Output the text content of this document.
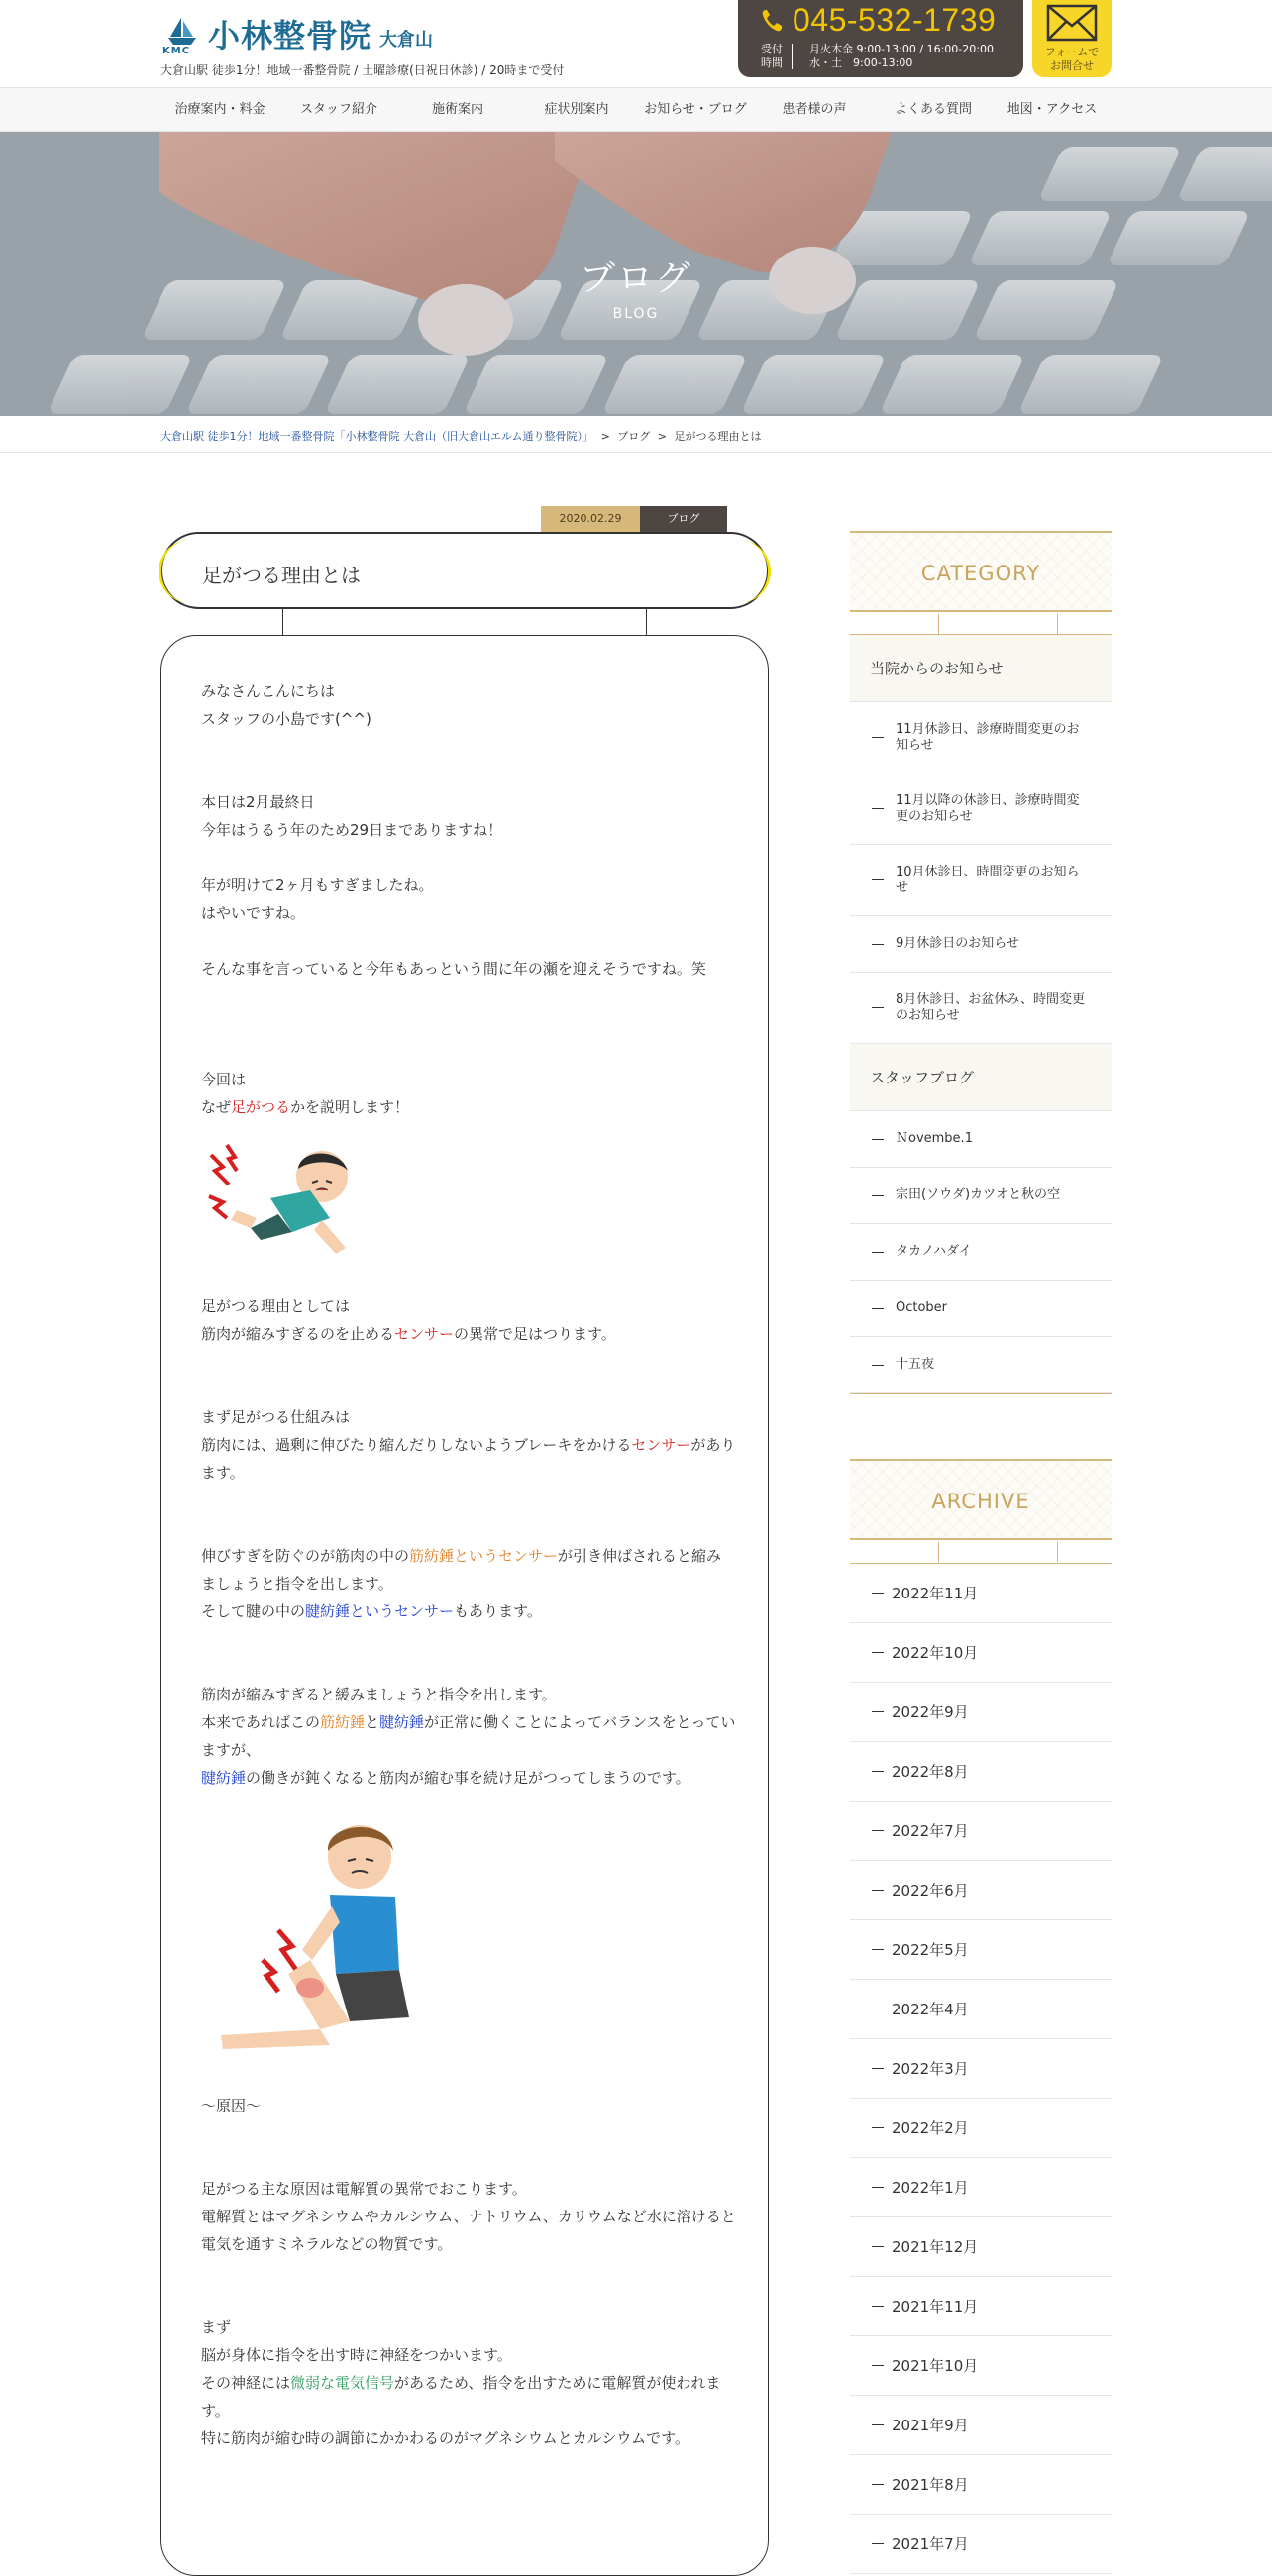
KMC 小林整骨院 大倉山
大倉山駅 徒歩1分！地域一番整骨院 / 土曜診療(日祝日休診) / 20時まで受付
045-532-1739
受付
時間
月火木金 9:00-13:00 / 16:00-20:00
水・土　9:00-13:00
フォームで
お問合せ
治療案内・料金	スタッフ紹介	施術案内	症状別案内	お知らせ・ブログ	患者様の声	よくある質問	地図・アクセス
ブログ
BLOG
大倉山駅 徒歩1分！地域一番整骨院「小林整骨院 大倉山（旧大倉山エルム通り整骨院）」 > ブログ > 足がつる理由とは
2020.02.29	ブログ
足がつる理由とは

みなさんこんにちは

スタッフの小島です(^^)

本日は2月最終日

今年はうるう年のため29日までありますね！

年が明けて2ヶ月もすぎましたね。

はやいですね。

そんな事を言っていると今年もあっという間に年の瀬を迎えそうですね。笑

今回は

なぜ足がつるかを説明します！

足がつる理由としては

筋肉が縮みすぎるのを止めるセンサーの異常で足はつります。

まず足がつる仕組みは

筋肉には、過剰に伸びたり縮んだりしないようブレーキをかけるセンサーがあります。

伸びすぎを防ぐのが筋肉の中の筋紡錘というセンサーが引き伸ばされると縮みましょうと指令を出します。

そして腱の中の腱紡錘というセンサーもあります。

筋肉が縮みすぎると緩みましょうと指令を出します。

本来であればこの筋紡錘と腱紡錘が正常に働くことによってバランスをとっていますが、

腱紡錘の働きが鈍くなると筋肉が縮む事を続け足がつってしまうのです。

～原因～

足がつる主な原因は電解質の異常でおこります。

電解質とはマグネシウムやカルシウム、ナトリウム、カリウムなど水に溶けると電気を通すミネラルなどの物質です。

まず

脳が身体に指令を出す時に神経をつかいます。

その神経には微弱な電気信号があるため、指令を出すために電解質が使われます。

特に筋肉が縮む時の調節にかかわるのがマグネシウムとカルシウムです。

CATEGORY
当院からのお知らせ
11月休診日、診療時間変更のお知らせ
11月以降の休診日、診療時間変更のお知らせ
10月休診日、時間変更のお知らせ
9月休診日のお知らせ
8月休診日、お盆休み、時間変更のお知らせ
スタッフブログ
Ｎovembe.1
宗田(ソウダ)カツオと秋の空
タカノハダイ
October
十五夜
ARCHIVE
2022年11月
2022年10月
2022年9月
2022年8月
2022年7月
2022年6月
2022年5月
2022年4月
2022年3月
2022年2月
2022年1月
2021年12月
2021年11月
2021年10月
2021年9月
2021年8月
2021年7月
